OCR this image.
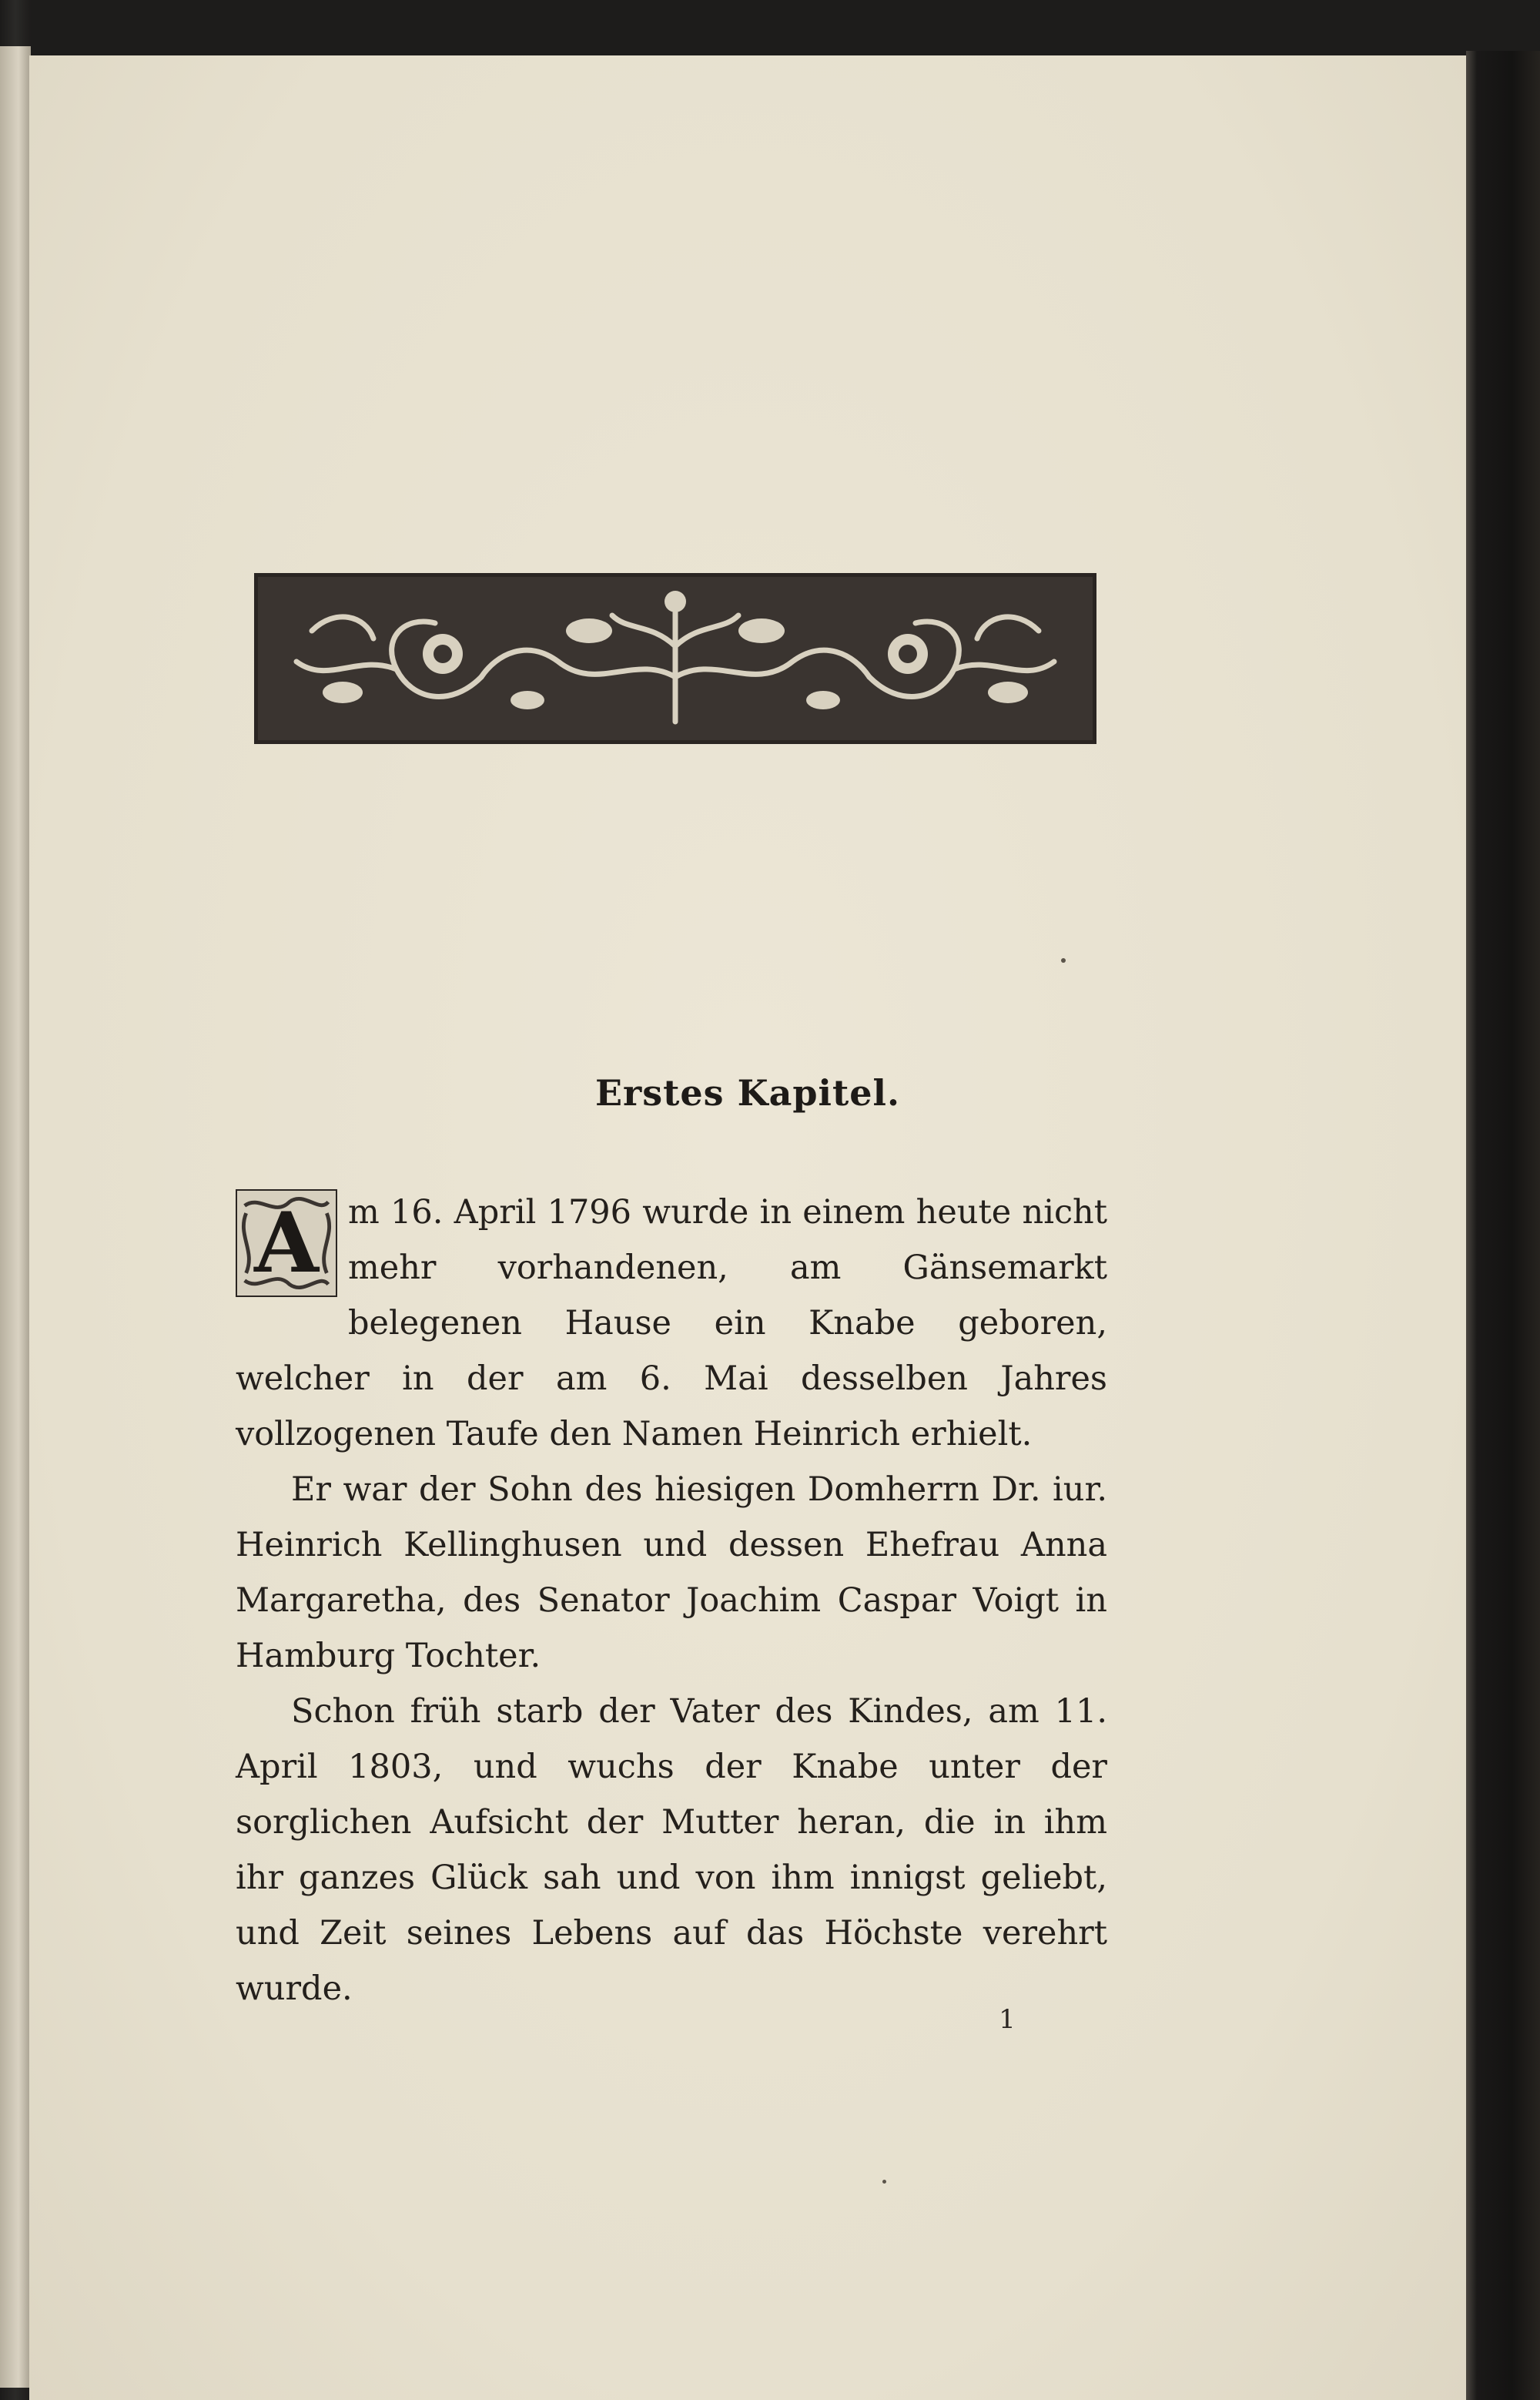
Erstes Kapitel.

A m 16. April 1796 wurde in einem heute nicht mehr vorhandenen, am Gänsemarkt belegenen Hause ein Knabe geboren, welcher in der am 6. Mai desselben Jahres vollzogenen Taufe den Namen Heinrich erhielt.

Er war der Sohn des hiesigen Domherrn Dr. iur. Heinrich Kellinghusen und dessen Ehefrau Anna Margaretha, des Senator Joachim Caspar Voigt in Hamburg Tochter.

Schon früh starb der Vater des Kindes, am 11. April 1803, und wuchs der Knabe unter der sorglichen Aufsicht der Mutter heran, die in ihm ihr ganzes Glück sah und von ihm innigst geliebt, und Zeit seines Lebens auf das Höchste verehrt wurde.

1
